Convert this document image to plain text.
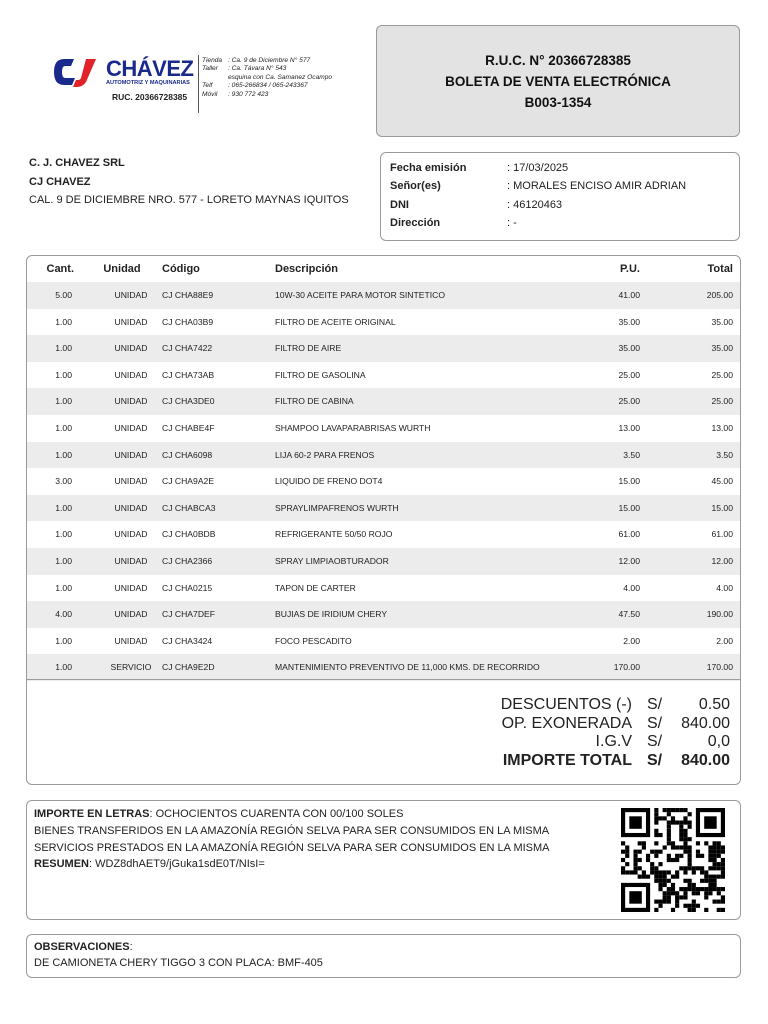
CHÁVEZ
AUTOMOTRIZ Y MAQUINARIAS
RUC. 20366728385
Tienda : Ca. 9 de Diciembre N° 577
Taller	: Ca. Távara N° 543
esquina con Ca. Samanez Ocampo
Telf	: 065-266834 / 065-243367
Móvil	: 930 772 423
R.U.C. N° 20366728385
BOLETA DE VENTA ELECTRÓNICA
B003-1354
C. J. CHAVEZ SRL
CJ CHAVEZ
CAL. 9 DE DICIEMBRE NRO. 577 - LORETO MAYNAS IQUITOS
Fecha emisión	: 17/03/2025
Señor(es)	: MORALES ENCISO AMIR ADRIAN
DNI	: 46120463
Dirección	: -
Cant.	Unidad	Código	Descripción	P.U.	Total
5.00	UNIDAD	CJ CHA88E9	10W-30 ACEITE PARA MOTOR SINTETICO	41.00	205.00
1.00	UNIDAD	CJ CHA03B9	FILTRO DE ACEITE ORIGINAL	35.00	35.00
1.00	UNIDAD	CJ CHA7422	FILTRO DE AIRE	35.00	35.00
1.00	UNIDAD	CJ CHA73AB	FILTRO DE GASOLINA	25.00	25.00
1.00	UNIDAD	CJ CHA3DE0	FILTRO DE CABINA	25.00	25.00
1.00	UNIDAD	CJ CHABE4F	SHAMPOO LAVAPARABRISAS WURTH	13.00	13.00
1.00	UNIDAD	CJ CHA6098	LIJA 60-2 PARA FRENOS	3.50	3.50
3.00	UNIDAD	CJ CHA9A2E	LIQUIDO DE FRENO DOT4	15.00	45.00
1.00	UNIDAD	CJ CHABCA3	SPRAYLIMPAFRENOS WURTH	15.00	15.00
1.00	UNIDAD	CJ CHA0BDB	REFRIGERANTE 50/50 ROJO	61.00	61.00
1.00	UNIDAD	CJ CHA2366	SPRAY LIMPIAOBTURADOR	12.00	12.00
1.00	UNIDAD	CJ CHA0215	TAPON DE CARTER	4.00	4.00
4.00	UNIDAD	CJ CHA7DEF	BUJIAS DE IRIDIUM CHERY	47.50	190.00
1.00	UNIDAD	CJ CHA3424	FOCO PESCADITO	2.00	2.00
1.00	SERVICIO	CJ CHA9E2D	MANTENIMIENTO PREVENTIVO DE 11,000 KMS. DE RECORRIDO	170.00	170.00
DESCUENTOS (-) S/	0.50
OP. EXONERADA S/	840.00
I.G.V S/	0,0
IMPORTE TOTAL S/	840.00
IMPORTE EN LETRAS: OCHOCIENTOS CUARENTA CON 00/100 SOLES
BIENES TRANSFERIDOS EN LA AMAZONÍA REGIÓN SELVA PARA SER CONSUMIDOS EN LA MISMA
SERVICIOS PRESTADOS EN LA AMAZONÍA REGIÓN SELVA PARA SER CONSUMIDOS EN LA MISMA
RESUMEN: WDZ8dhAET9/jGuka1sdE0T/NIsI=
OBSERVACIONES:
DE CAMIONETA CHERY TIGGO 3 CON PLACA: BMF-405
